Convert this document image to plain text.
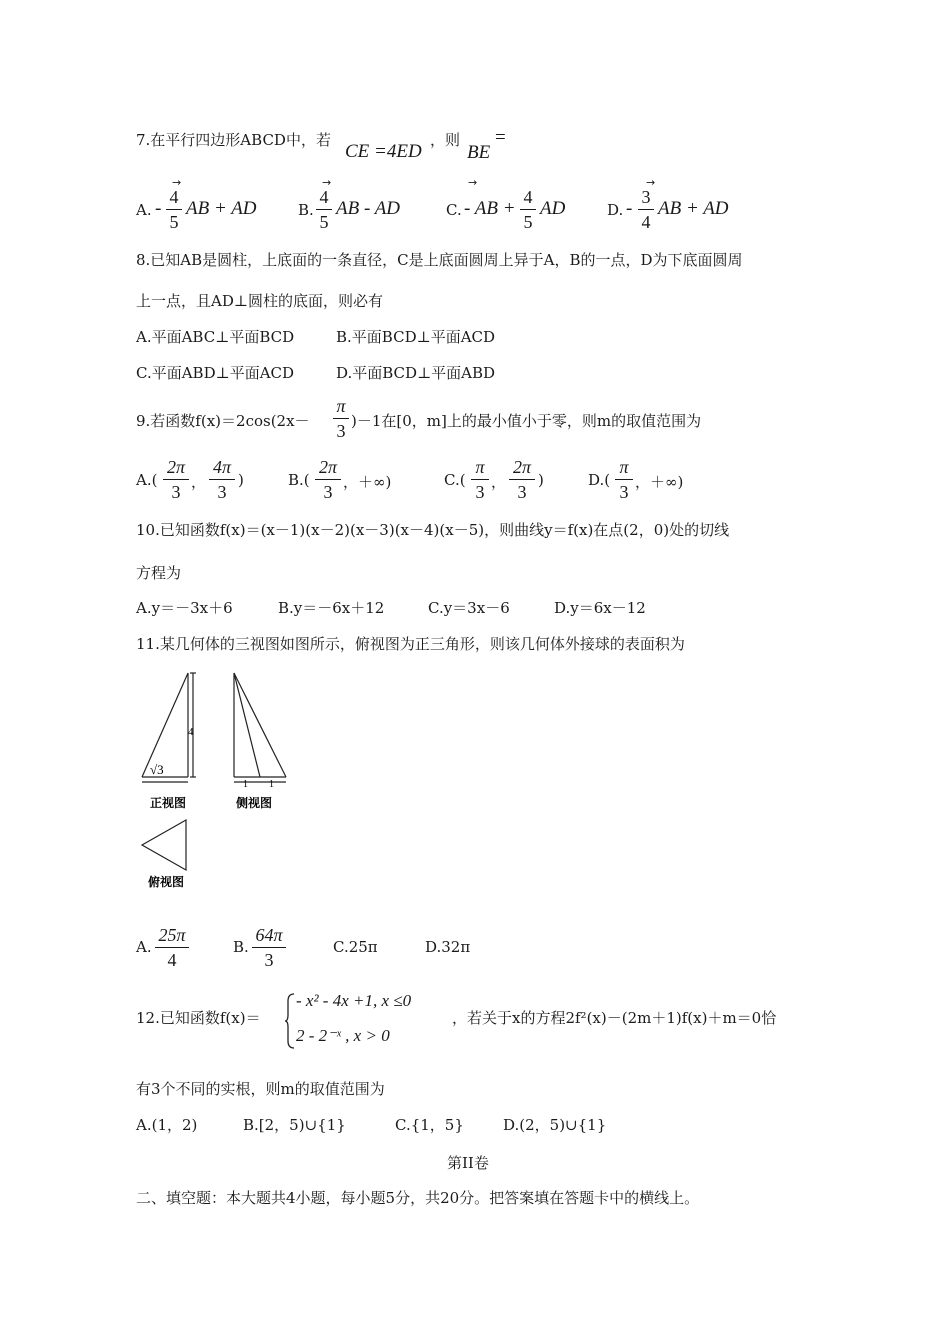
7.在平行四边形ABCD中，若
CE =4ED
，则
BE
=
A. -
→
4
5
AB + AD	B.
→
4
5
AB - AD	C.
→
- AB +
4
5
AD	D. -
→
3
4
AB + AD
8.已知AB是圆柱，上底面的一条直径，C是上底面圆周上异于A，B的一点，D为下底面圆周
上一点，且AD⊥圆柱的底面，则必有
A.平面ABC⊥平面BCD	B.平面BCD⊥平面ACD
C.平面ABD⊥平面ACD	D.平面BCD⊥平面ABD
9.若函数f(x)＝2cos(2x－
π
3 )－1在[0，m]上的最小值小于零，则m的取值范围为
A.(
2π
3 ，
4π
3
)	B.(
2π
3 ，＋∞)	C.(
π
3 ，
2π
3
)	D.(
π
3 ，＋∞)
10.已知函数f(x)＝(x－1)(x－2)(x－3)(x－4)(x－5)，则曲线y＝f(x)在点(2，0)处的切线
方程为
A.y＝－3x＋6	B.y＝－6x＋12	C.y＝3x－6	D.y＝6x－12
11.某几何体的三视图如图所示，俯视图为正三角形，则该几何体外接球的表面积为
4
√3
正视图
1 1
侧视图
俯视图
A.
25π
4
B.
64π
3
C.25π	D.32π
12.已知函数f(x)＝
- x² - 4x +1, x ≤0
2 - 2⁻ˣ , x > 0
，若关于x的方程2f²(x)－(2m＋1)f(x)＋m＝0恰
有3个不同的实根，则m的取值范围为
A.(1，2)	B.[2，5)∪{1}	C.{1，5}	D.(2，5)∪{1}
第II卷
二、填空题：本大题共4小题，每小题5分，共20分。把答案填在答题卡中的横线上。
